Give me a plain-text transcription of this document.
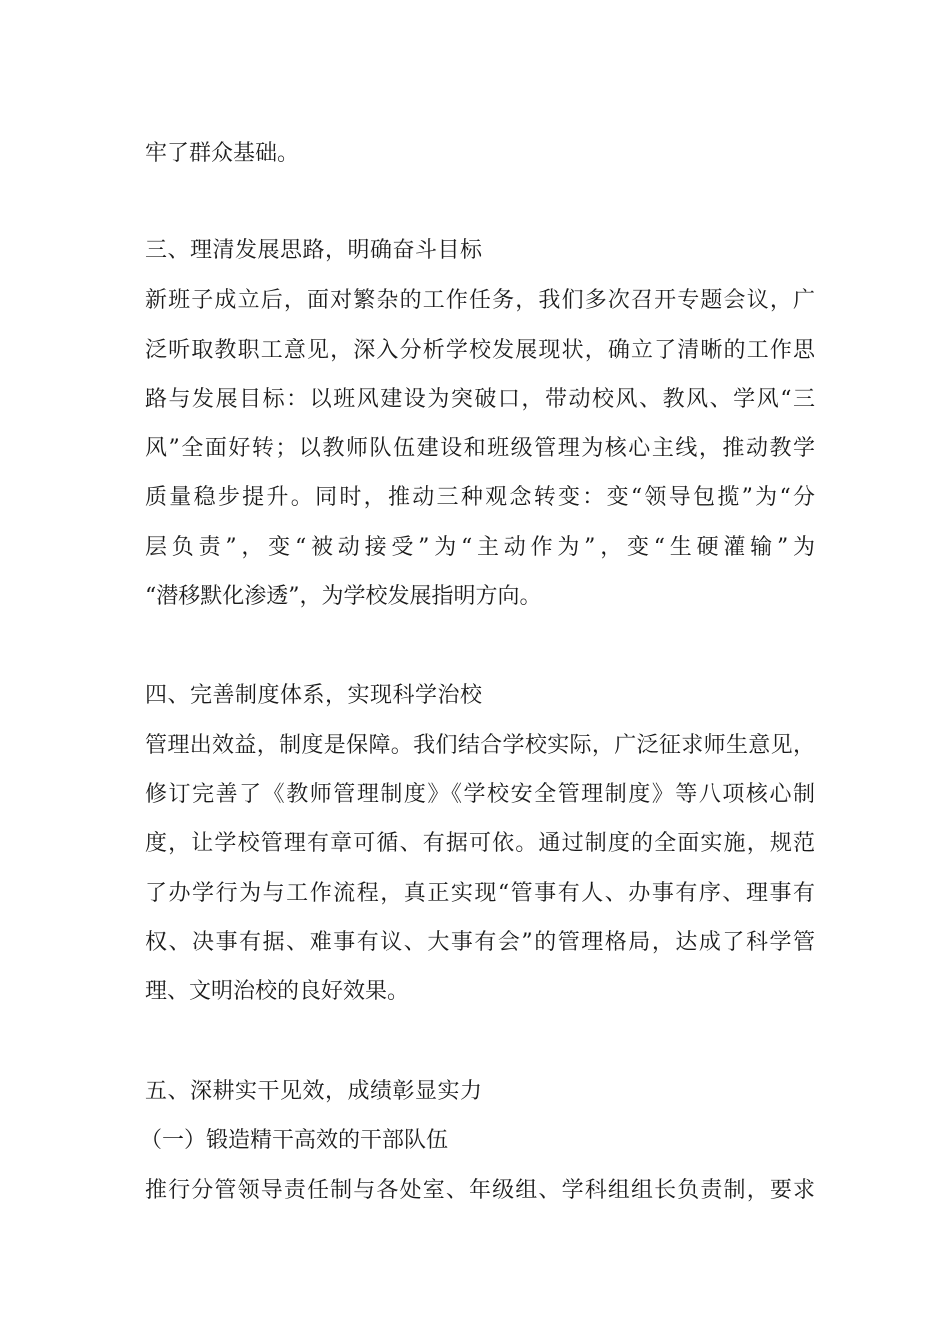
牢了群众基础。
三、理清发展思路，明确奋斗目标
新班子成立后，面对繁杂的工作任务，我们多次召开专题会议，广
泛听取教职工意见，深入分析学校发展现状，确立了清晰的工作思
路与发展目标：以班风建设为突破口，带动校风、教风、学风“三
风”全面好转；以教师队伍建设和班级管理为核心主线，推动教学
质量稳步提升。同时，推动三种观念转变：变“领导包揽”为“分
层负责”，变“被动接受”为“主动作为”，变“生硬灌输”为
“潜移默化渗透”，为学校发展指明方向。
四、完善制度体系，实现科学治校
管理出效益，制度是保障。我们结合学校实际，广泛征求师生意见，
修订完善了《教师管理制度》《学校安全管理制度》等八项核心制
度，让学校管理有章可循、有据可依。通过制度的全面实施，规范
了办学行为与工作流程，真正实现“管事有人、办事有序、理事有
权、决事有据、难事有议、大事有会”的管理格局，达成了科学管
理、文明治校的良好效果。
五、深耕实干见效，成绩彰显实力
（一）锻造精干高效的干部队伍
推行分管领导责任制与各处室、年级组、学科组组长负责制，要求
